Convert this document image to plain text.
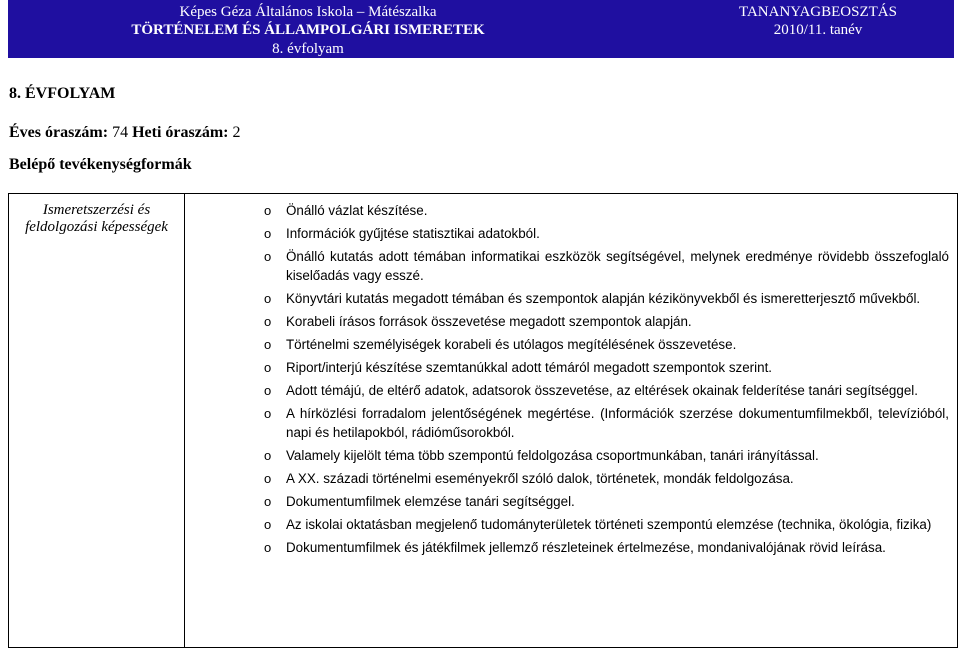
Képes Géza Általános Iskola – Mátészalka
TÖRTÉNELEM ÉS ÁLLAMPOLGÁRI ISMERETEK
8. évfolyam
TANANYAGBEOSZTÁS
2010/11. tanév
8. ÉVFOLYAM
Éves óraszám: 74 Heti óraszám: 2
Belépő tevékenységformák
Ismeretszerzési és feldolgozási képességek
o Önálló vázlat készítése.
o Információk gyűjtése statisztikai adatokból.
o Önálló kutatás adott témában informatikai eszközök segítségével, melynek eredménye rövidebb összefoglaló kiselőadás vagy esszé.
o Könyvtári kutatás megadott témában és szempontok alapján kézikönyvekből és ismeretterjesztő művekből.
o Korabeli írásos források összevetése megadott szempontok alapján.
o Történelmi személyiségek korabeli és utólagos megítélésének összevetése.
o Riport/interjú készítése szemtanúkkal adott témáról megadott szempontok szerint.
o Adott témájú, de eltérő adatok, adatsorok összevetése, az eltérések okainak felderítése tanári segítséggel.
o A hírközlési forradalom jelentőségének megértése. (Információk szerzése dokumentumfilmekből, televízióból, napi és hetilapokból, rádióműsorokból.
o Valamely kijelölt téma több szempontú feldolgozása csoportmunkában, tanári irányítással.
o A XX. századi történelmi eseményekről szóló dalok, történetek, mondák feldolgozása.
o Dokumentumfilmek elemzése tanári segítséggel.
o Az iskolai oktatásban megjelenő tudományterületek történeti szempontú elemzése (technika, ökológia, fizika)
o Dokumentumfilmek és játékfilmek jellemző részleteinek értelmezése, mondanivalójának rövid leírása.
